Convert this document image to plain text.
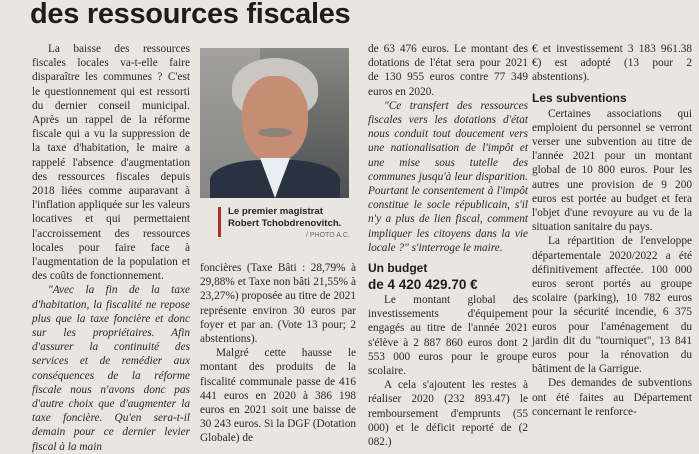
des ressources fiscales

La baisse des ressources fiscales locales va-t-elle faire disparaître les communes ? C'est le questionnement qui est ressorti du dernier conseil municipal. Après un rappel de la réforme fiscale qui a vu la suppression de la taxe d'habitation, le maire a rappelé l'absence d'augmentation des ressources fiscales depuis 2018 liées comme auparavant à l'inflation appliquée sur les valeurs locatives et qui permettaient l'accroissement des ressources locales pour faire face à l'augmentation de la population et des coûts de fonctionnement.

"Avec la fin de la taxe d'habitation, la fiscalité ne repose plus que la taxe foncière et donc sur les propriétaires. Afin d'assurer la continuité des services et de remédier aux conséquences de la réforme fiscale nous n'avons donc pas d'autre choix que d'augmenter la taxe foncière. Qu'en sera-t-il demain pour ce dernier levier fiscal à la main

Le premier magistrat
Robert Tchobdrenovitch.
/ PHOTO A.C.

foncières (Taxe Bâti : 28,79% à 29,88% et Taxe non bâti 21,55% à 23,27%) proposée au titre de 2021 représente environ 30 euros par foyer et par an. (Vote 13 pour; 2 abstentions).

Malgré cette hausse le montant des produits de la fiscalité communale passe de 416 441 euros en 2020 à 386 198 euros en 2021 soit une baisse de 30 243 euros. Si la DGF (Dotation Globale) de

de 63 476 euros. Le montant des dotations de l'état sera pour 2021 de 130 955 euros contre 77 349 euros en 2020.

"Ce transfert des ressources fiscales vers les dotations d'état nous conduit tout doucement vers une nationalisation de l'impôt et une mise sous tutelle des communes jusqu'à leur disparition. Pourtant le consentement à l'impôt constitue le socle républicain, s'il n'y a plus de lien fiscal, comment impliquer les citoyens dans la vie locale ?" s'interroge le maire.

Un budget
de 4 420 429.70 €

Le montant global des investissements d'équipement engagés au titre de l'année 2021 s'élève à 2 887 860 euros dont 2 553 000 euros pour le groupe scolaire.

A cela s'ajoutent les restes à réaliser 2020 (232 893.47) le remboursement d'emprunts (55 000) et le déficit reporté de (2 082.)

€ et investissement 3 183 961.38 €) est adopté (13 pour 2 abstentions).

Les subventions

Certaines associations qui emploient du personnel se verront verser une subvention au titre de l'année 2021 pour un montant global de 10 800 euros. Pour les autres une provision de 9 200 euros est portée au budget et fera l'objet d'une revoyure au vu de la situation sanitaire du pays.

La répartition de l'enveloppe départementale 2020/2022 a été définitivement affectée. 100 000 euros seront portés au groupe scolaire (parking), 10 782 euros pour la sécurité incendie, 6 375 euros pour l'aménagement du jardin dit du "tourniquet", 13 841 euros pour la rénovation du bâtiment de la Garrigue.

Des demandes de subventions ont été faites au Département concernant le renforce-
